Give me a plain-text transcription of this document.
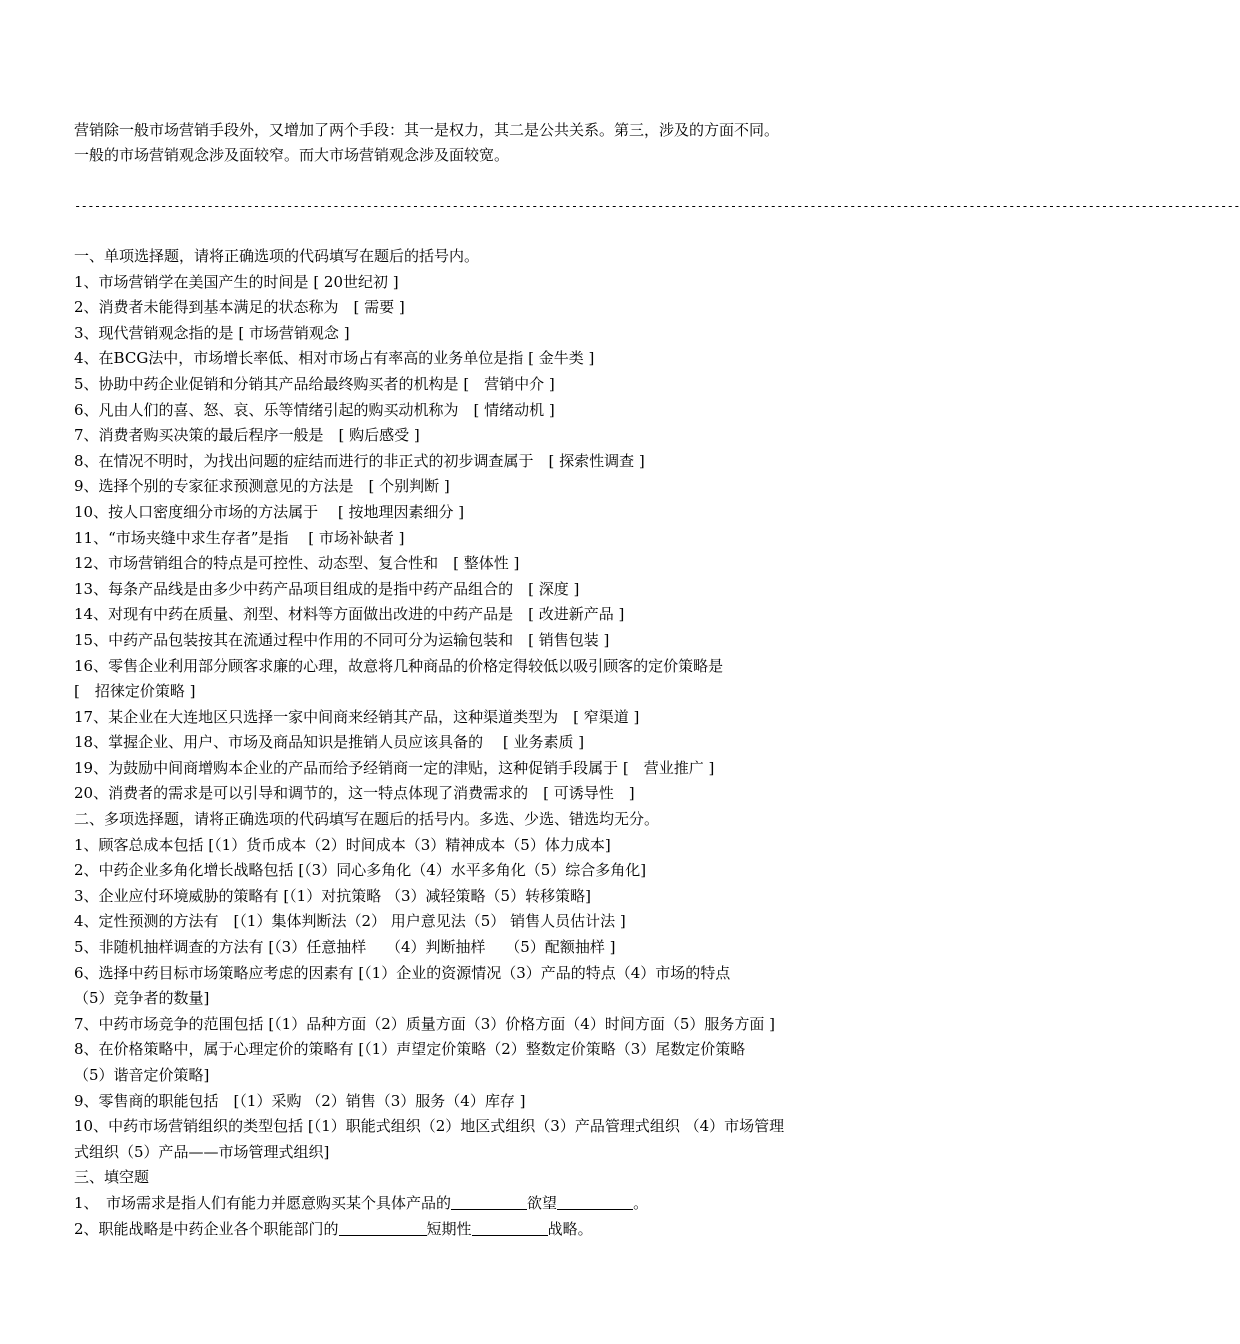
营销除一般市场营销手段外，又增加了两个手段：其一是权力，其二是公共关系。第三，涉及的方面不同。

一般的市场营销观念涉及面较窄。而大市场营销观念涉及面较宽。

--------------------------------------------------------------------------------------------------------------------------------------------------------------------------------

一、单项选择题，请将正确选项的代码填写在题后的括号内。

1、市场营销学在美国产生的时间是 [ 20世纪初 ]

2、消费者未能得到基本满足的状态称为　[ 需要 ]

3、现代营销观念指的是 [ 市场营销观念 ]

4、在BCG法中，市场增长率低、相对市场占有率高的业务单位是指 [ 金牛类 ]

5、协助中药企业促销和分销其产品给最终购买者的机构是 [　营销中介 ]

6、凡由人们的喜、怒、哀、乐等情绪引起的购买动机称为　[ 情绪动机 ]

7、消费者购买决策的最后程序一般是　[ 购后感受 ]

8、在情况不明时，为找出问题的症结而进行的非正式的初步调查属于　[ 探索性调查 ]

9、选择个别的专家征求预测意见的方法是　[ 个别判断 ]

10、按人口密度细分市场的方法属于　 [ 按地理因素细分 ]

11、“市场夹缝中求生存者”是指　 [ 市场补缺者 ]

12、市场营销组合的特点是可控性、动态型、复合性和　[ 整体性 ]

13、每条产品线是由多少中药产品项目组成的是指中药产品组合的　[ 深度 ]

14、对现有中药在质量、剂型、材料等方面做出改进的中药产品是　[ 改进新产品 ]

15、中药产品包装按其在流通过程中作用的不同可分为运输包装和　[ 销售包装 ]

16、零售企业利用部分顾客求廉的心理，故意将几种商品的价格定得较低以吸引顾客的定价策略是

[　招徕定价策略 ]

17、某企业在大连地区只选择一家中间商来经销其产品，这种渠道类型为　[ 窄渠道 ]

18、掌握企业、用户、市场及商品知识是推销人员应该具备的　 [ 业务素质 ]

19、为鼓励中间商增购本企业的产品而给予经销商一定的津贴，这种促销手段属于 [　营业推广 ]

20、消费者的需求是可以引导和调节的，这一特点体现了消费需求的　[ 可诱导性　]

二、多项选择题，请将正确选项的代码填写在题后的括号内。多选、少选、错选均无分。

1、顾客总成本包括 [（1）货币成本（2）时间成本（3）精神成本（5）体力成本]

2、中药企业多角化增长战略包括 [（3）同心多角化（4）水平多角化（5）综合多角化]

3、企业应付环境威胁的策略有 [（1）对抗策略 （3）减轻策略（5）转移策略]

4、定性预测的方法有　[（1）集体判断法（2） 用户意见法（5） 销售人员估计法 ]

5、非随机抽样调查的方法有 [（3）任意抽样　 （4）判断抽样　 （5）配额抽样 ]

6、选择中药目标市场策略应考虑的因素有 [（1）企业的资源情况（3）产品的特点（4）市场的特点

（5）竞争者的数量]

7、中药市场竞争的范围包括 [（1）品种方面（2）质量方面（3）价格方面（4）时间方面（5）服务方面 ]

8、在价格策略中，属于心理定价的策略有 [（1）声望定价策略（2）整数定价策略（3）尾数定价策略

（5）谐音定价策略]

9、零售商的职能包括　[（1）采购 （2）销售（3）服务（4）库存 ]

10、中药市场营销组织的类型包括 [（1）职能式组织（2）地区式组织（3）产品管理式组织 （4）市场管理

式组织（5）产品——市场管理式组织]

三、填空题

1、　市场需求是指人们有能力并愿意购买某个具体产品的	欲望	。

2、职能战略是中药企业各个职能部门的	短期性	战略。
